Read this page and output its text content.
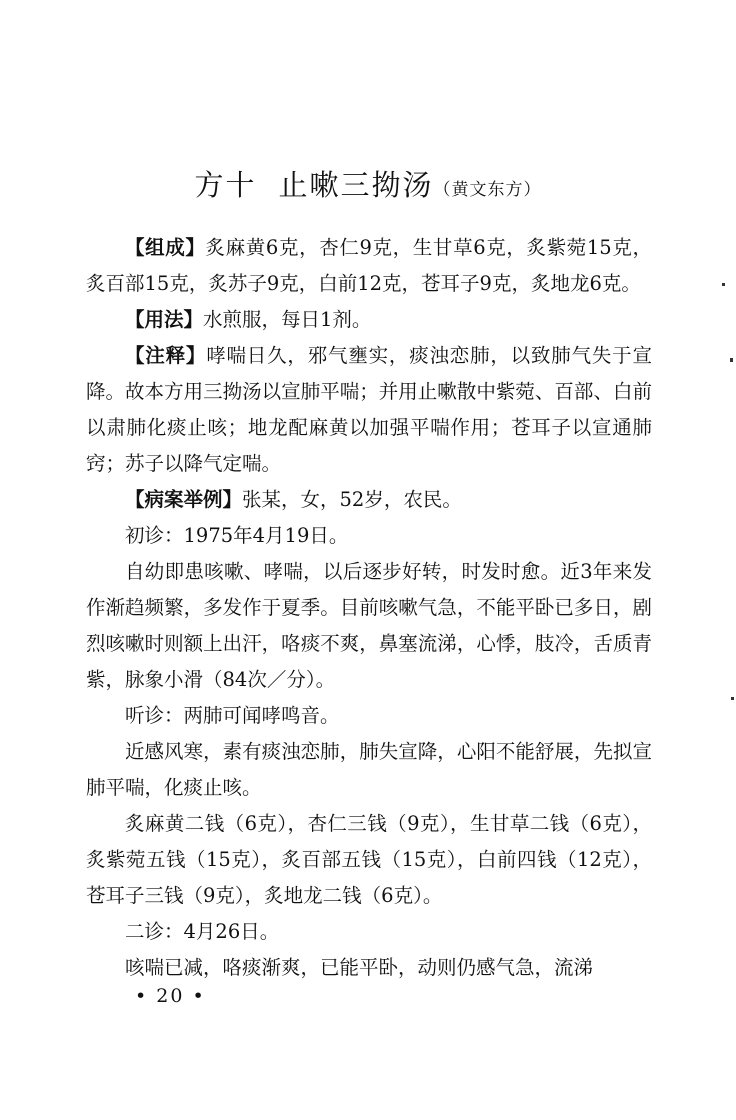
方十 止嗽三拗汤（黄文东方）

【组成】炙麻黄6克，杏仁9克，生甘草6克，炙紫菀15克，炙百部15克，炙苏子9克，白前12克，苍耳子9克，炙地龙6克。

【用法】水煎服，每日1剂。

【注释】哮喘日久，邪气壅实，痰浊恋肺，以致肺气失于宣降。故本方用三拗汤以宣肺平喘；并用止嗽散中紫菀、百部、白前以肃肺化痰止咳；地龙配麻黄以加强平喘作用；苍耳子以宣通肺窍；苏子以降气定喘。

【病案举例】张某，女，52岁，农民。

初诊：1975年4月19日。

自幼即患咳嗽、哮喘，以后逐步好转，时发时愈。近3年来发作渐趋频繁，多发作于夏季。目前咳嗽气急，不能平卧已多日，剧烈咳嗽时则额上出汗，咯痰不爽，鼻塞流涕，心悸，肢冷，舌质青紫，脉象小滑（84次／分）。

听诊：两肺可闻哮鸣音。

近感风寒，素有痰浊恋肺，肺失宣降，心阳不能舒展，先拟宣肺平喘，化痰止咳。

炙麻黄二钱（6克），杏仁三钱（9克），生甘草二钱（6克），炙紫菀五钱（15克），炙百部五钱（15克），白前四钱（12克），苍耳子三钱（9克），炙地龙二钱（6克）。

二诊：4月26日。

咳喘已减，咯痰渐爽，已能平卧，动则仍感气急，流涕

• 20 •
